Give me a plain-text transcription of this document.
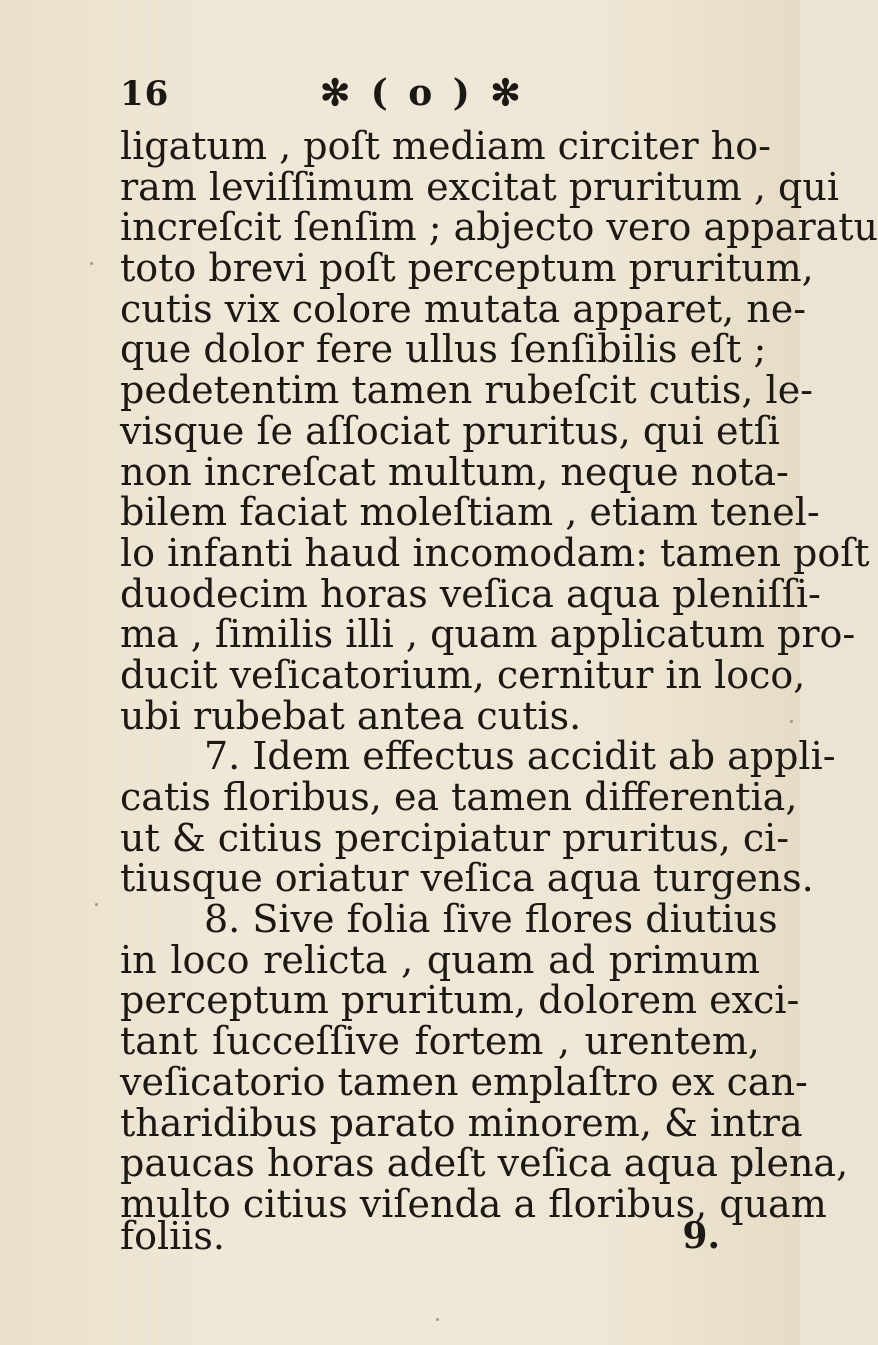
16	✻ ( o ) ✻
ligatum , poſt mediam circiter ho-
ram leviſſimum excitat pruritum , qui
increſcit ſenſim ; abjecto vero apparatu
toto brevi poſt perceptum pruritum,
cutis vix colore mutata apparet, ne-
que dolor fere ullus ſenſibilis eſt ;
pedetentim tamen rubeſcit cutis, le-
visque ſe aſſociat pruritus, qui etſi
non increſcat multum, neque nota-
bilem faciat moleſtiam , etiam tenel-
lo infanti haud incomodam: tamen poſt
duodecim horas veſica aqua pleniſſi-
ma , ſimilis illi , quam applicatum pro-
ducit veſicatorium, cernitur in loco,
ubi rubebat antea cutis.
7. Idem effectus accidit ab appli-
catis floribus, ea tamen differentia,
ut & citius percipiatur pruritus, ci-
tiusque oriatur veſica aqua turgens.
8. Sive folia ſive flores diutius
in loco relicta , quam ad primum
perceptum pruritum, dolorem exci-
tant ſucceſſive fortem , urentem,
veſicatorio tamen emplaſtro ex can-
tharidibus parato minorem, & intra
paucas horas adeſt veſica aqua plena,
multo citius viſenda a floribus, quam
foliis.	9.
